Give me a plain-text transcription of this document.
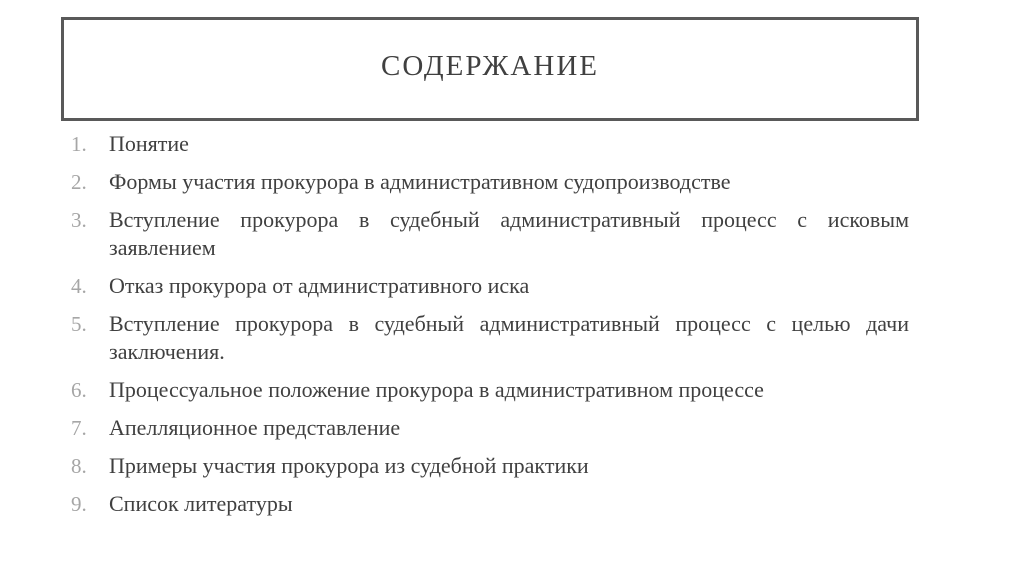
СОДЕРЖАНИЕ
1.	Понятие
2.	Формы участия прокурора в административном судопроизводстве
3.	Вступление прокурора в судебный административный процесс с исковым заявлением
4.	Отказ прокурора от административного иска
5.	Вступление прокурора в судебный административный процесс с целью дачи заключения.
6.	Процессуальное положение прокурора в административном процессе
7.	Апелляционное представление
8.	Примеры участия прокурора из судебной практики
9.	Список литературы
